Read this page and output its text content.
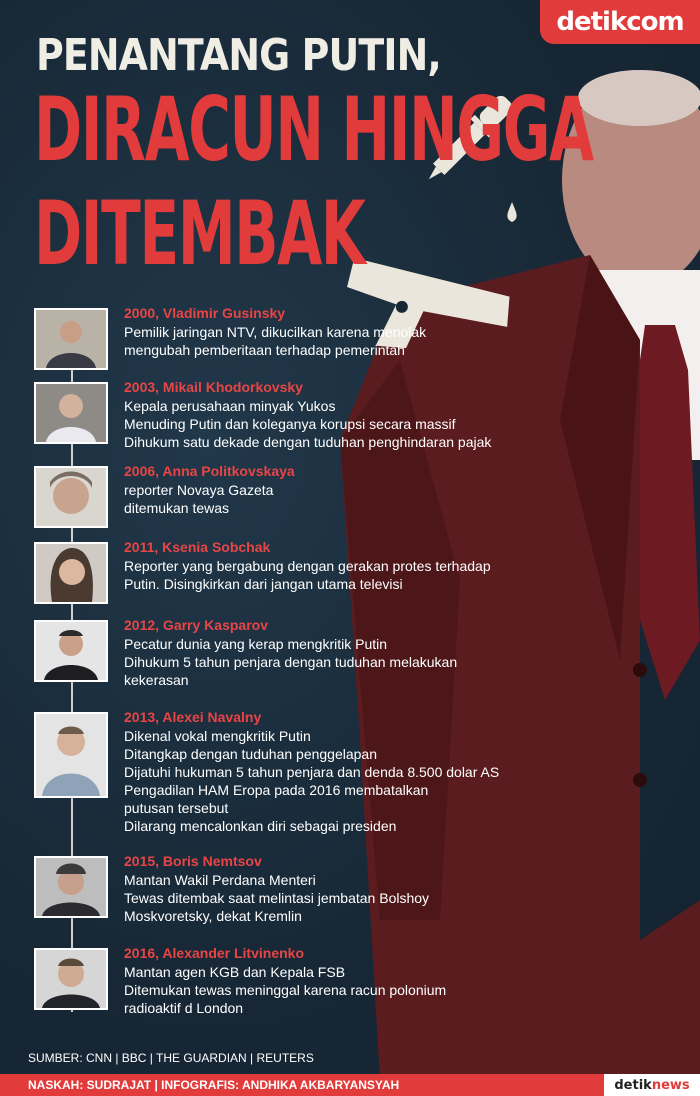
detik com
PENANTANG PUTIN,
DIRACUN HINGGA
DITEMBAK
2000, Vladimir Gusinsky
Pemilik jaringan NTV, dikucilkan karena menolak
mengubah pemberitaan terhadap pemerintah
2003, Mikail Khodorkovsky
Kepala perusahaan minyak Yukos
Menuding Putin dan koleganya korupsi secara massif
Dihukum satu dekade dengan tuduhan penghindaran pajak
2006, Anna Politkovskaya
reporter Novaya Gazeta
ditemukan tewas
2011, Ksenia Sobchak
Reporter yang bergabung dengan gerakan protes terhadap
Putin. Disingkirkan dari jangan utama televisi
2012, Garry Kasparov
Pecatur dunia yang kerap mengkritik Putin
Dihukum 5 tahun penjara dengan tuduhan melakukan
kekerasan
2013, Alexei Navalny
Dikenal vokal mengkritik Putin
Ditangkap dengan tuduhan penggelapan
Dijatuhi hukuman 5 tahun penjara dan denda 8.500 dolar AS
Pengadilan HAM Eropa pada 2016 membatalkan
putusan tersebut
Dilarang mencalonkan diri sebagai presiden
2015, Boris Nemtsov
Mantan Wakil Perdana Menteri
Tewas ditembak saat melintasi jembatan Bolshoy
Moskvoretsky, dekat Kremlin
2016, Alexander Litvinenko
Mantan agen KGB dan Kepala FSB
Ditemukan tewas meninggal karena racun polonium
radioaktif d London
SUMBER: CNN | BBC | THE GUARDIAN | REUTERS
NASKAH: SUDRAJAT | INFOGRAFIS: ANDHIKA AKBARYANSYAH	detik news
